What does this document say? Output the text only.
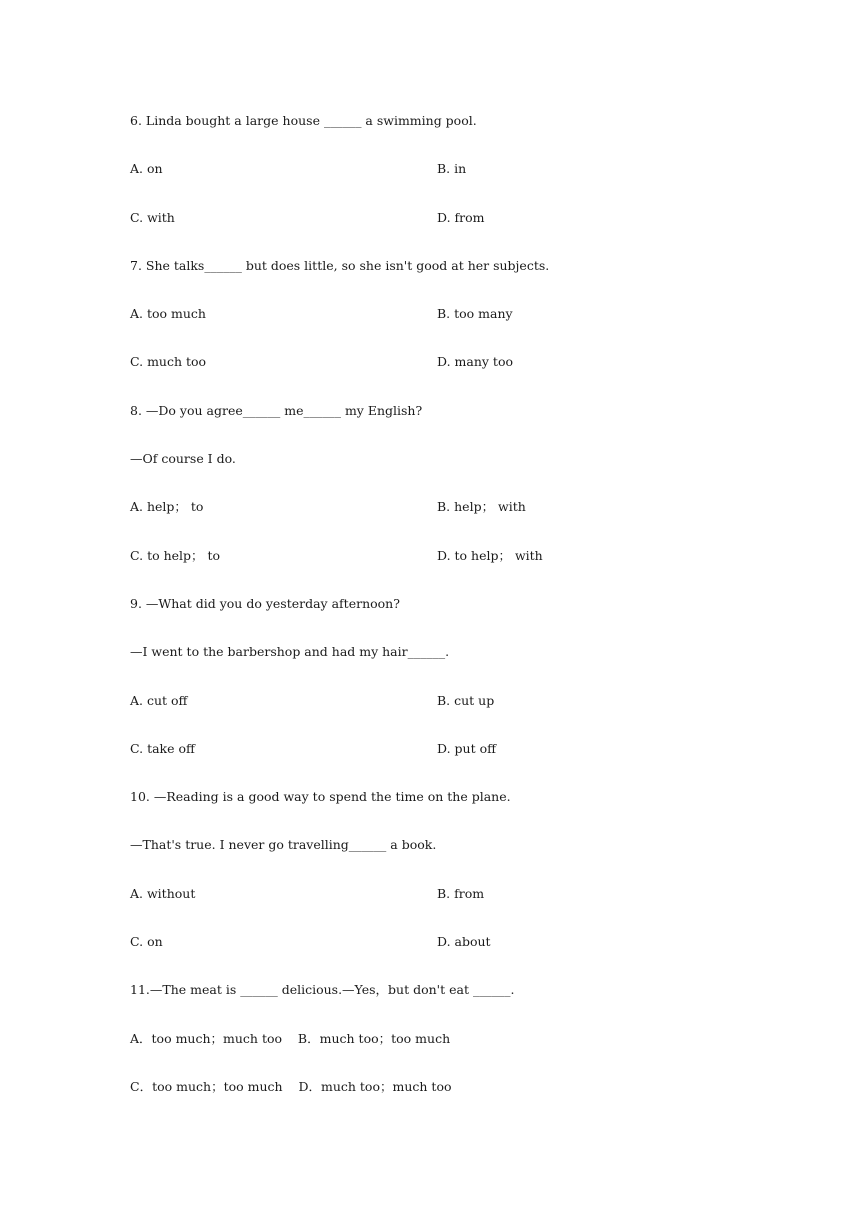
6. Linda bought a large house ______ a swimming pool.
A. on	B. in
C. with	D. from
7. She talks______ but does little, so she isn't good at her subjects.
A. too much	B. too many
C. much too	D. many too
8. —Do you agree______ me______ my English?
—Of course I do.
A. help； to	B. help； with
C. to help； to	D. to help； with
9. —What did you do yesterday afternoon?
—I went to the barbershop and had my hair______.
A. cut off	B. cut up
C. take off	D. put off
10. —Reading is a good way to spend the time on the plane.
—That's true. I never go travelling______ a book.
A. without	B. from
C. on	D. about
11.—The meat is ______ delicious.—Yes，but don't eat ______.
A．too much；much too    B．much too；too much
C．too much；too much    D．much too；much too
